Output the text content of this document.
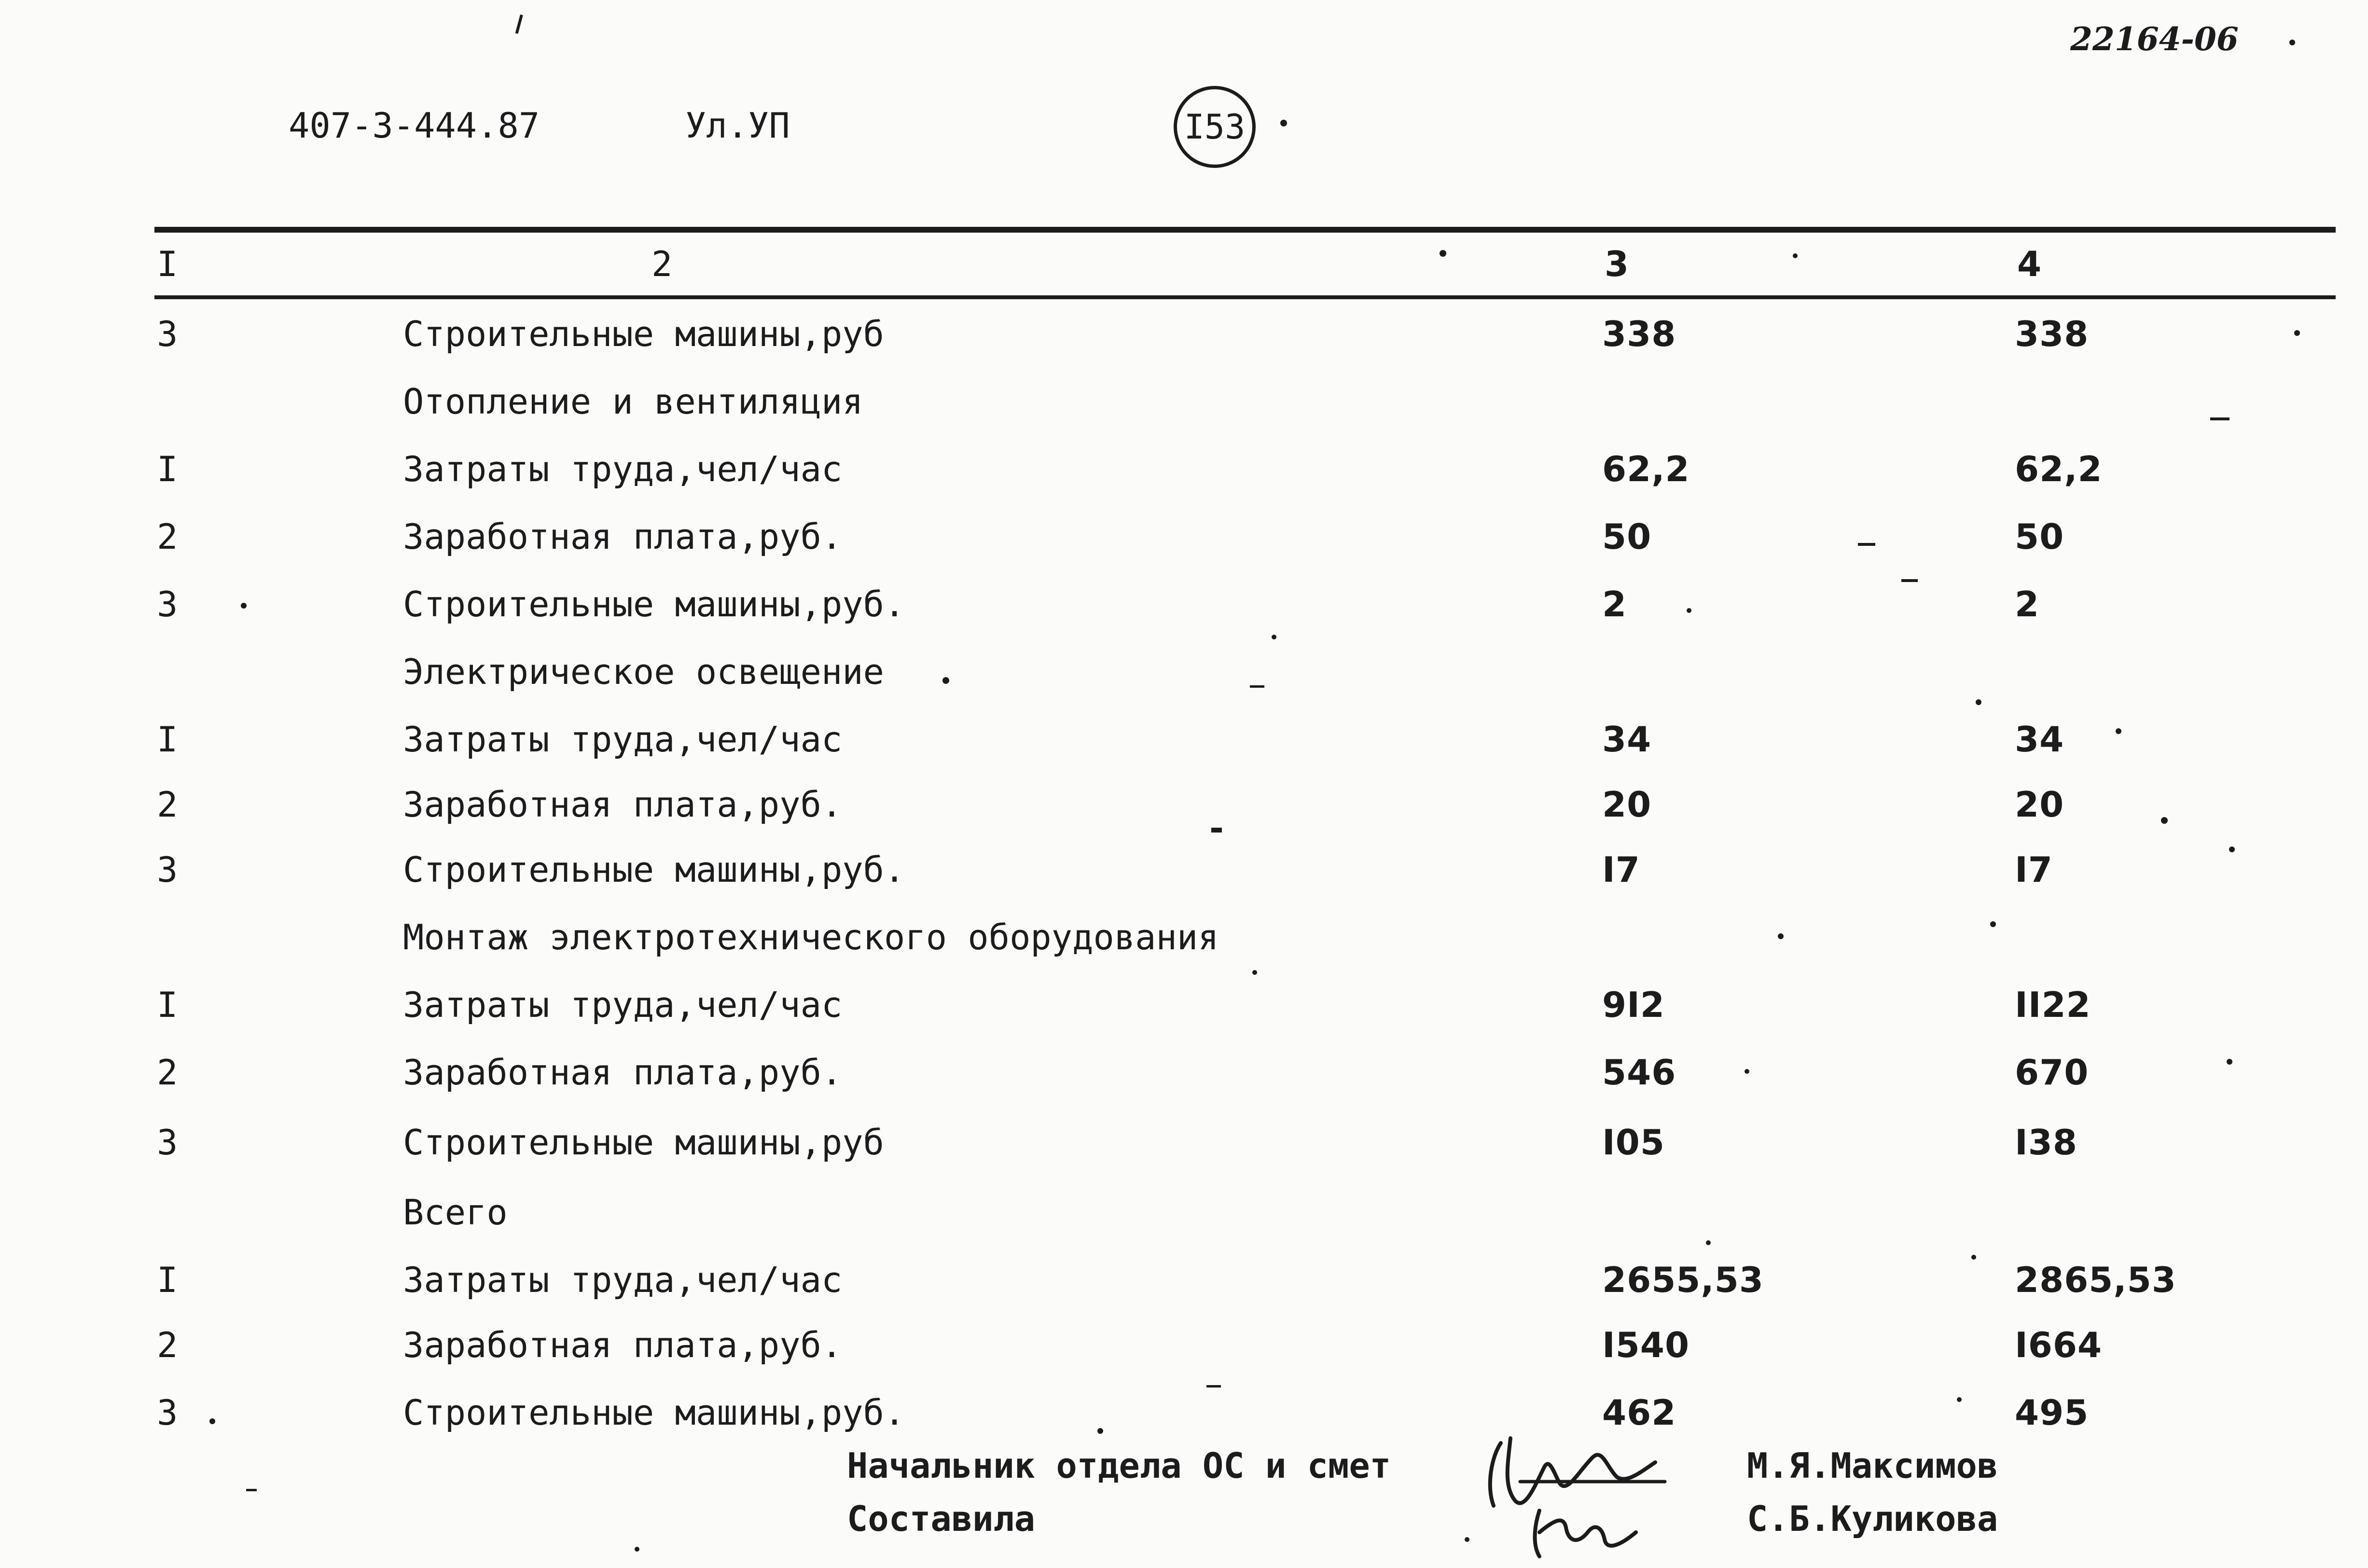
407-3-444.87	Ул.УП	I53
22164-06
I	2	3	4
3	Строительные машины,руб	338	338
Отопление и вентиляция
I	Затраты труда,чел/час	62,2	62,2
2	Заработная плата,руб.	50	50
3	Строительные машины,руб.	2	2
Электрическое освещение
I	Затраты труда,чел/час	34	34
2	Заработная плата,руб.	20	20
3	Строительные машины,руб.	I7	I7
Монтаж электротехнического оборудования
I	Затраты труда,чел/час	9I2	II22
2	Заработная плата,руб.	546	670
3	Строительные машины,руб	I05	I38
Всего
I	Затраты труда,чел/час	2655,53	2865,53
2	Заработная плата,руб.	I540	I664
3	Строительные машины,руб.	462	495
Начальник отдела ОС и смет	М.Я.Максимов
Составила	С.Б.Куликова
